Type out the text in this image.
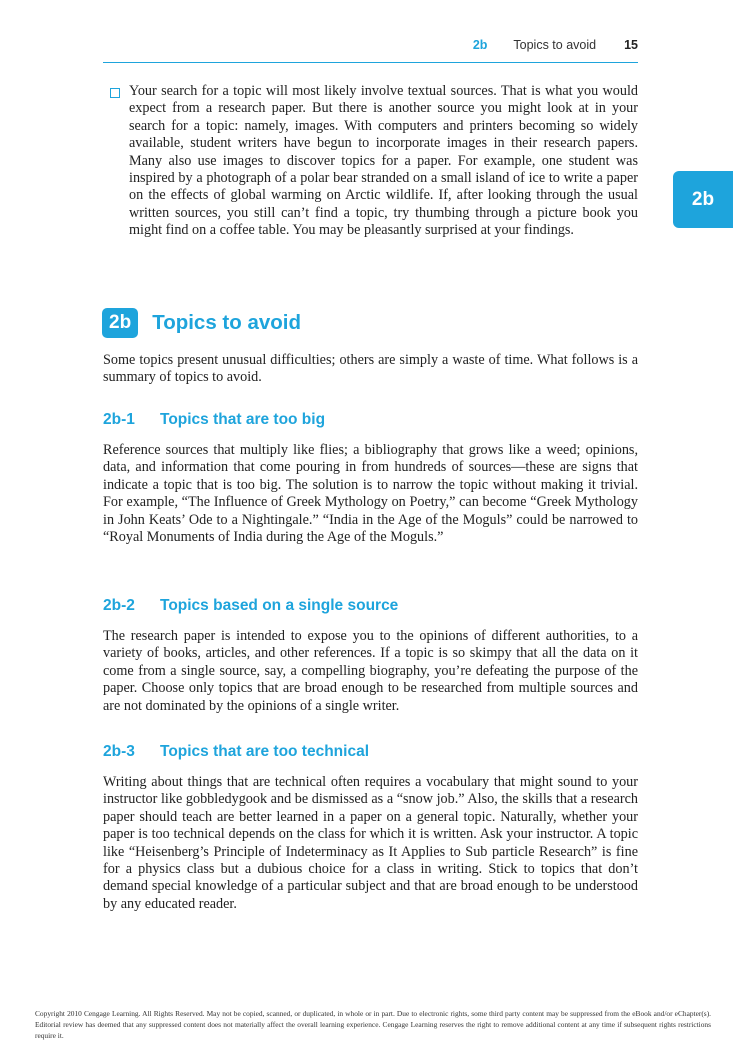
2b Topics to avoid 15
2b

Your search for a topic will most likely involve textual sources. That is what you would expect from a research paper. But there is another source you might look at in your search for a topic: namely, images. With computers and printers becoming so widely available, student writers have begun to incorporate images in their research papers. Many also use images to discover topics for a paper. For example, one student was inspired by a photograph of a polar bear stranded on a small island of ice to write a paper on the effects of global warming on Arctic wildlife. If, after looking through the usual written sources, you still can’t find a topic, try thumbing through a picture book you might find on a coffee table. You may be pleasantly surprised at your findings.

2b	Topics to avoid

Some topics present unusual difficulties; others are simply a waste of time. What follows is a summary of topics to avoid.

2b-1 Topics that are too big

Reference sources that multiply like flies; a bibliography that grows like a weed; opinions, data, and information that come pouring in from hundreds of sources—these are signs that indicate a topic that is too big. The solution is to narrow the topic without making it trivial. For example, “The Influence of Greek Mythology on Poetry,” can become “Greek Mythology in John Keats’ Ode to a Nightingale.” “India in the Age of the Moguls” could be narrowed to “Royal Monuments of India during the Age of the Moguls.”

2b-2 Topics based on a single source

The research paper is intended to expose you to the opinions of different authorities, to a variety of books, articles, and other references. If a topic is so skimpy that all the data on it come from a single source, say, a compelling biography, you’re defeating the purpose of the paper. Choose only topics that are broad enough to be researched from multiple sources and are not dominated by the opinions of a single writer.

2b-3 Topics that are too technical

Writing about things that are technical often requires a vocabulary that might sound to your instructor like gobbledygook and be dismissed as a “snow job.” Also, the skills that a research paper should teach are better learned in a paper on a general topic. Naturally, whether your paper is too technical depends on the class for which it is written. Ask your instructor. A topic like “Heisenberg’s Principle of Indeterminacy as It Applies to Sub particle Research” is fine for a physics class but a dubious choice for a class in writing. Stick to topics that don’t demand special knowledge of a particular subject and that are broad enough to be understood by any educated reader.

Copyright 2010 Cengage Learning. All Rights Reserved. May not be copied, scanned, or duplicated, in whole or in part. Due to electronic rights, some third party content may be suppressed from the eBook and/or eChapter(s). Editorial review has deemed that any suppressed content does not materially affect the overall learning experience. Cengage Learning reserves the right to remove additional content at any time if subsequent rights restrictions require it.
